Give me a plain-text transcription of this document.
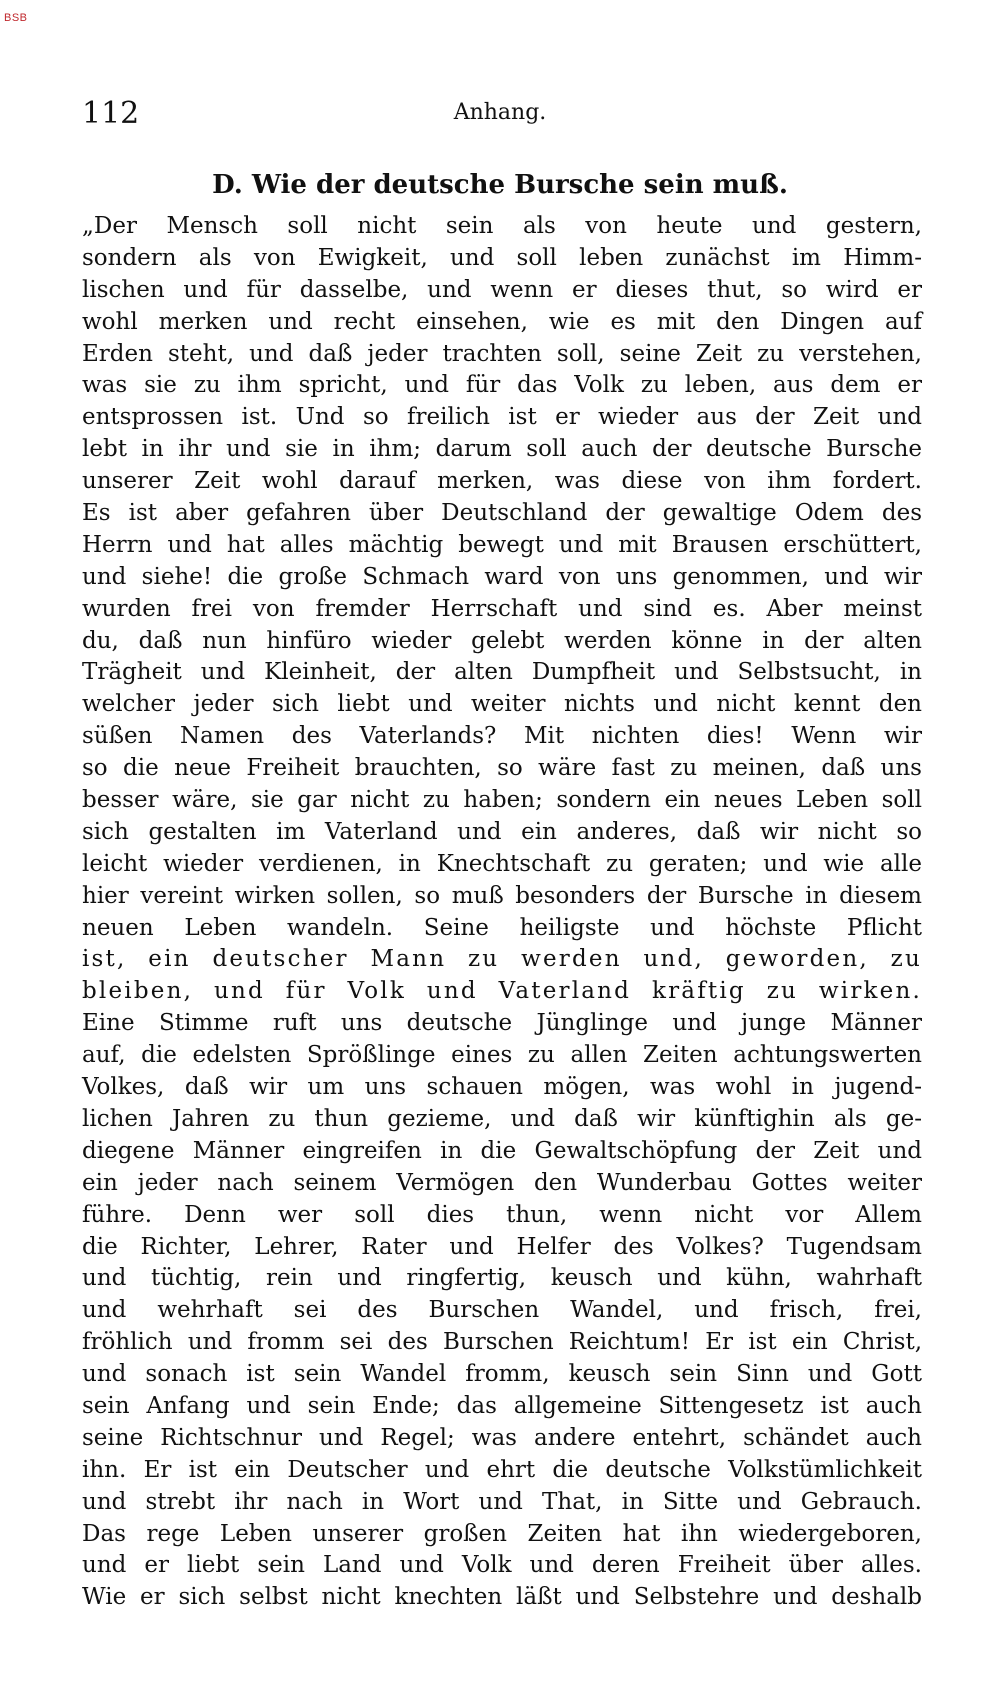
BSB
112	Anhang.
D. Wie der deutsche Bursche sein muß.
„Der Mensch soll nicht sein als von heute und gestern,
sondern als von Ewigkeit, und soll leben zunächst im Himm-
lischen und für dasselbe, und wenn er dieses thut, so wird er
wohl merken und recht einsehen, wie es mit den Dingen auf
Erden steht, und daß jeder trachten soll, seine Zeit zu verstehen,
was sie zu ihm spricht, und für das Volk zu leben, aus dem er
entsprossen ist. Und so freilich ist er wieder aus der Zeit und
lebt in ihr und sie in ihm; darum soll auch der deutsche Bursche
unserer Zeit wohl darauf merken, was diese von ihm fordert.
Es ist aber gefahren über Deutschland der gewaltige Odem des
Herrn und hat alles mächtig bewegt und mit Brausen erschüttert,
und siehe! die große Schmach ward von uns genommen, und wir
wurden frei von fremder Herrschaft und sind es. Aber meinst
du, daß nun hinfüro wieder gelebt werden könne in der alten
Trägheit und Kleinheit, der alten Dumpfheit und Selbstsucht, in
welcher jeder sich liebt und weiter nichts und nicht kennt den
süßen Namen des Vaterlands? Mit nichten dies! Wenn wir
so die neue Freiheit brauchten, so wäre fast zu meinen, daß uns
besser wäre, sie gar nicht zu haben; sondern ein neues Leben soll
sich gestalten im Vaterland und ein anderes, daß wir nicht so
leicht wieder verdienen, in Knechtschaft zu geraten; und wie alle
hier vereint wirken sollen, so muß besonders der Bursche in diesem
neuen Leben wandeln. Seine heiligste und höchste Pflicht
ist, ein deutscher Mann zu werden und, geworden, zu
bleiben, und für Volk und Vaterland kräftig zu wirken.
Eine Stimme ruft uns deutsche Jünglinge und junge Männer
auf, die edelsten Sprößlinge eines zu allen Zeiten achtungswerten
Volkes, daß wir um uns schauen mögen, was wohl in jugend-
lichen Jahren zu thun gezieme, und daß wir künftighin als ge-
diegene Männer eingreifen in die Gewaltschöpfung der Zeit und
ein jeder nach seinem Vermögen den Wunderbau Gottes weiter
führe. Denn wer soll dies thun, wenn nicht vor Allem
die Richter, Lehrer, Rater und Helfer des Volkes? Tugendsam
und tüchtig, rein und ringfertig, keusch und kühn, wahrhaft
und wehrhaft sei des Burschen Wandel, und frisch, frei,
fröhlich und fromm sei des Burschen Reichtum! Er ist ein Christ,
und sonach ist sein Wandel fromm, keusch sein Sinn und Gott
sein Anfang und sein Ende; das allgemeine Sittengesetz ist auch
seine Richtschnur und Regel; was andere entehrt, schändet auch
ihn. Er ist ein Deutscher und ehrt die deutsche Volkstümlichkeit
und strebt ihr nach in Wort und That, in Sitte und Gebrauch.
Das rege Leben unserer großen Zeiten hat ihn wiedergeboren,
und er liebt sein Land und Volk und deren Freiheit über alles.
Wie er sich selbst nicht knechten läßt und Selbstehre und deshalb
